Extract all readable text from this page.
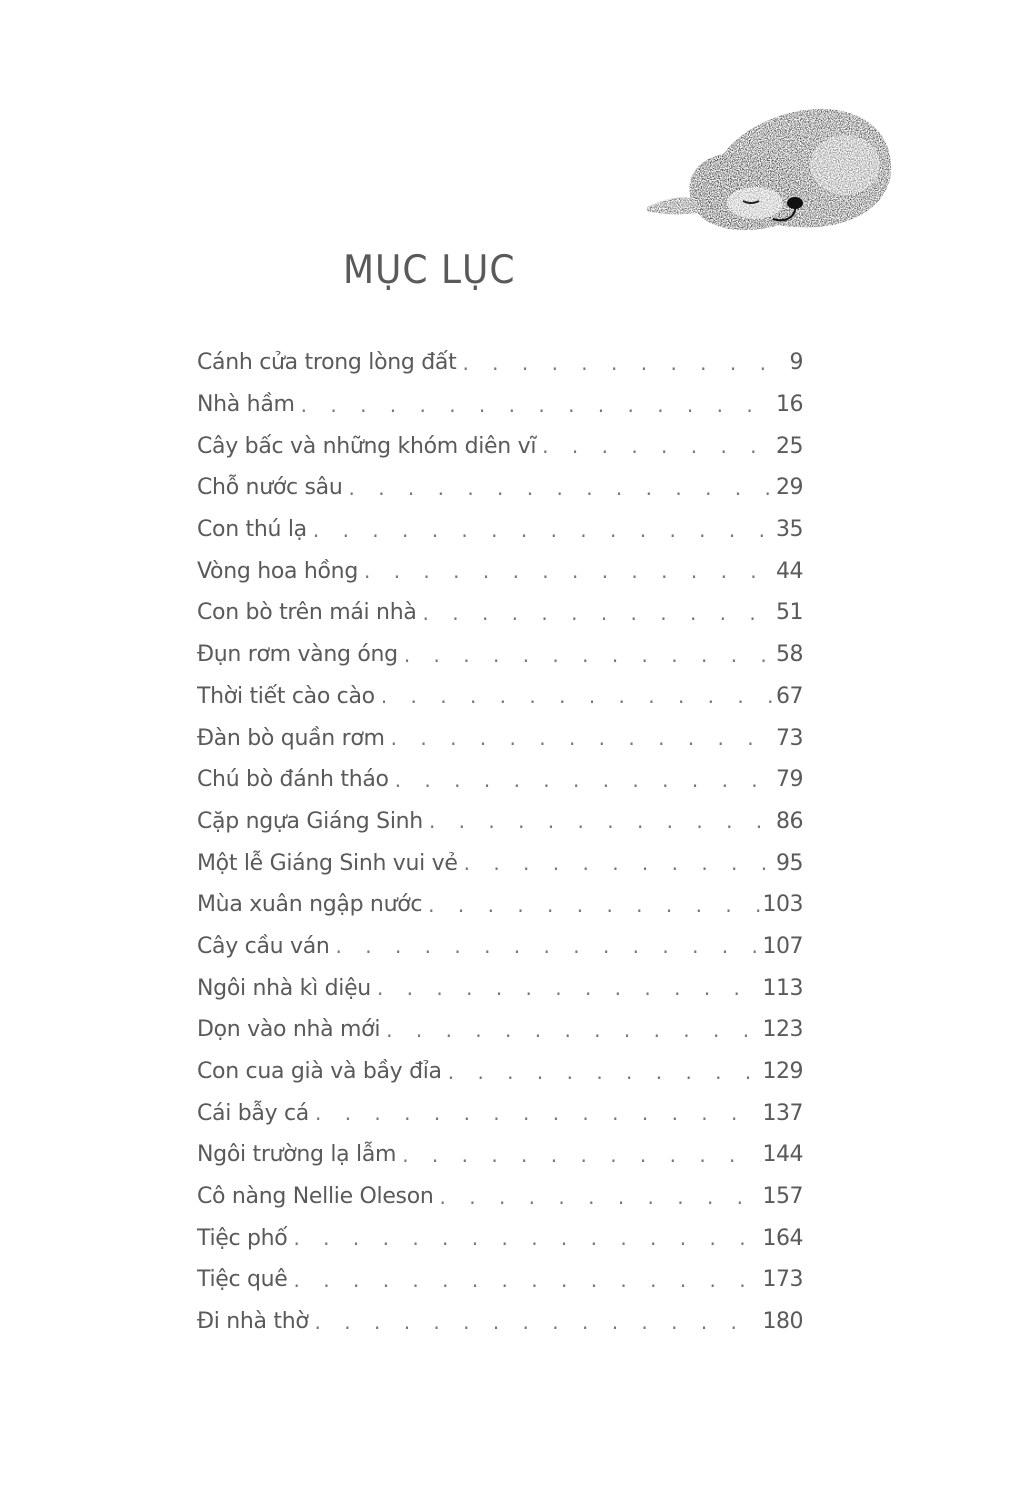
MỤC LỤC
Cánh cửa trong lòng đất . . .	9
Nhà hầm . . .	16
Cây bấc và những khóm diên vĩ . . .	25
Chỗ nước sâu . . .	29
Con thú lạ . . .	35
Vòng hoa hồng . . .	44
Con bò trên mái nhà . . .	51
Đụn rơm vàng óng . . .	58
Thời tiết cào cào . . .	67
Đàn bò quần rơm . . .	73
Chú bò đánh tháo . . .	79
Cặp ngựa Giáng Sinh . . .	86
Một lễ Giáng Sinh vui vẻ . . .	95
Mùa xuân ngập nước . . .	103
Cây cầu ván . . .	107
Ngôi nhà kì diệu . . .	113
Dọn vào nhà mới . . .	123
Con cua già và bầy đỉa . . .	129
Cái bẫy cá . . .	137
Ngôi trường lạ lẫm . . .	144
Cô nàng Nellie Oleson . . .	157
Tiệc phố . . .	164
Tiệc quê . . .	173
Đi nhà thờ . . .	180
